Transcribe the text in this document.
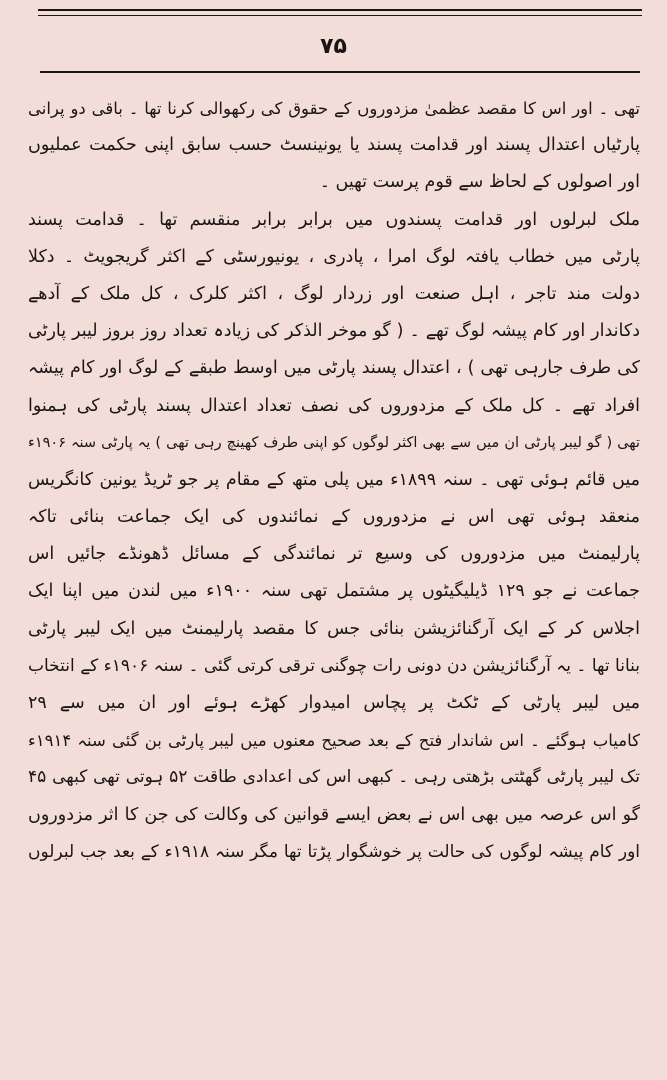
۷۵
تھی ۔ اور اس کا مقصد عظمیٰ مزدوروں کے حقوق کی رکھوالی کرنا تھا ۔ باقی دو پرانی
پارٹیاں اعتدال پسند اور قدامت پسند یا یونینسٹ حسب سابق اپنی حکمت عملیوں
اور اصولوں کے لحاظ سے قوم پرست تھیں ۔
ملک لبرلوں اور قدامت پسندوں میں برابر برابر منقسم تھا ۔ قدامت پسند
پارٹی میں خطاب یافتہ لوگ امرا ، پادری ، یونیورسٹی کے اکثر گریجویٹ ۔ دکلا
دولت مند تاجر ، اہل صنعت اور زردار لوگ ، اکثر کلرک ، کل ملک کے آدھے
دکاندار اور کام پیشہ لوگ تھے ۔ ( گو موخر الذکر کی زیادہ تعداد روز بروز لیبر پارٹی
کی طرف جارہی تھی ) ، اعتدال پسند پارٹی میں اوسط طبقے کے لوگ اور کام پیشہ
افراد تھے ۔ کل ملک کے مزدوروں کی نصف تعداد اعتدال پسند پارٹی کی ہمنوا
تھی ( گو لیبر پارٹی ان میں سے بھی اکثر لوگوں کو اپنی طرف کھینچ رہی تھی ) یہ پارٹی سنہ ۱۹۰۶ء
میں قائم ہوئی تھی ۔ سنہ ۱۸۹۹ء میں پلی متھ کے مقام پر جو ٹریڈ یونین کانگریس
منعقد ہوئی تھی اس نے مزدوروں کے نمائندوں کی ایک جماعت بنائی تاکہ
پارلیمنٹ میں مزدوروں کی وسیع تر نمائندگی کے مسائل ڈھونڈے جائیں اس
جماعت نے جو ۱۲۹ ڈیلیگیٹوں پر مشتمل تھی سنہ ۱۹۰۰ء میں لندن میں اپنا ایک
اجلاس کر کے ایک آرگنائزیشن بنائی جس کا مقصد پارلیمنٹ میں ایک لیبر پارٹی
بنانا تھا ۔ یہ آرگنائزیشن دن دونی رات چوگنی ترقی کرتی گئی ۔ سنہ ۱۹۰۶ء کے انتخاب
میں لیبر پارٹی کے ٹکٹ پر پچاس امیدوار کھڑے ہوئے اور ان میں سے ۲۹
کامیاب ہوگئے ۔ اس شاندار فتح کے بعد صحیح معنوں میں لیبر پارٹی بن گئی سنہ ۱۹۱۴ء
تک لیبر پارٹی گھٹتی بڑھتی رہی ۔ کبھی اس کی اعدادی طاقت ۵۲ ہوتی تھی کبھی ۴۵
گو اس عرصہ میں بھی اس نے بعض ایسے قوانین کی وکالت کی جن کا اثر مزدوروں
اور کام پیشہ لوگوں کی حالت پر خوشگوار پڑتا تھا مگر سنہ ۱۹۱۸ء کے بعد جب لبرلوں
